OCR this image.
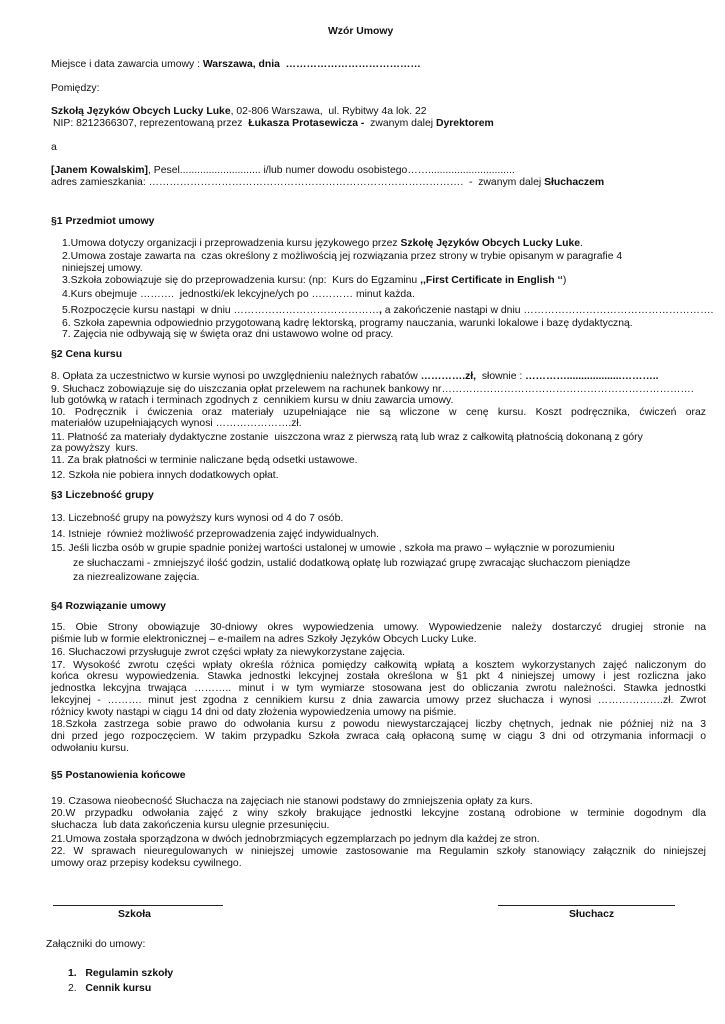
Wzór Umowy
Miejsce i data zawarcia umowy : Warszawa, dnia …………………………………
Pomiędzy:
Szkołą Języków Obcych Lucky Luke, 02-806 Warszawa,  ul. Rybitwy 4a lok. 22
NIP: 8212366307, reprezentowaną przez Łukasza Protasewicza -  zwanym dalej Dyrektorem
a
[Janem Kowalskim], Pesel............................ i/lub numer dowodu osobistego……..............................
adres zamieszkania: ……………………………………………………………………………….  -  zwanym dalej Słuchaczem
§1 Przedmiot umowy
1.Umowa dotyczy organizacji i przeprowadzenia kursu językowego przez Szkołę Języków Obcych Lucky Luke.
2.Umowa zostaje zawarta na  czas określony z możliwością jej rozwiązania przez strony w trybie opisanym w paragrafie 4
niniejszej umowy.
3.Szkoła zobowiązuje się do przeprowadzenia kursu: (np:  Kurs do Egzaminu ,,First Certificate in English ‘‘)
4.Kurs obejmuje ……….  jednostki/ek lekcyjne/ych po ………… minut każda.
5.Rozpoczęcie kursu nastąpi  w dniu ……………………………………, a zakończenie nastąpi w dniu ……………………………………………….
6. Szkoła zapewnia odpowiednio przygotowaną kadrę lektorską, programy nauczania, warunki lokalowe i bazę dydaktyczną.
7. Zajęcia nie odbywają się w święta oraz dni ustawowo wolne od pracy.
§2 Cena kursu
8. Opłata za uczestnictwo w kursie wynosi po uwzględnieniu należnych rabatów ………….zł,  słownie : …………...................………..
9. Słuchacz zobowiązuje się do uiszczania opłat przelewem na rachunek bankowy nr……………………………………………………………….
lub gotówką w ratach i terminach zgodnych z  cennikiem kursu w dniu zawarcia umowy.
10. Podręcznik i ćwiczenia oraz materiały uzupełniające nie są wliczone w cenę kursu. Koszt podręcznika, ćwiczeń oraz
materiałów uzupełniających wynosi ………………….zł.
11. Płatność za materiały dydaktyczne zostanie  uiszczona wraz z pierwszą ratą lub wraz z całkowitą płatnością dokonaną z góry
za powyższy  kurs.
11. Za brak płatności w terminie naliczane będą odsetki ustawowe.
12. Szkoła nie pobiera innych dodatkowych opłat.
§3 Liczebność grupy
13. Liczebność grupy na powyższy kurs wynosi od 4 do 7 osób.
14. Istnieje  również możliwość przeprowadzenia zajęć indywidualnych.
15. Jeśli liczba osób w grupie spadnie poniżej wartości ustalonej w umowie , szkoła ma prawo – wyłącznie w porozumieniu
ze słuchaczami - zmniejszyć ilość godzin, ustalić dodatkową opłatę lub rozwiązać grupę zwracając słuchaczom pieniądze
za niezrealizowane zajęcia.
§4 Rozwiązanie umowy
15. Obie Strony obowiązuje 30-dniowy okres wypowiedzenia umowy. Wypowiedzenie należy dostarczyć drugiej stronie na
piśmie lub w formie elektronicznej – e-mailem na adres Szkoły Języków Obcych Lucky Luke.
16. Słuchaczowi przysługuje zwrot części wpłaty za niewykorzystane zajęcia.
17. Wysokość zwrotu części wpłaty określa różnica pomiędzy całkowitą wpłatą a kosztem wykorzystanych zajęć naliczonym do
końca okresu wypowiedzenia. Stawka jednostki lekcyjnej została określona w §1 pkt 4 niniejszej umowy i jest rozliczna jako
jednostka lekcyjna trwająca ……….. minut i w tym wymiarze stosowana jest do obliczania zwrotu należności. Stawka jednostki
lekcyjnej - ………. minut jest zgodna z cennikiem kursu z dnia zawarcia umowy przez słuchacza i wynosi ……………….zł. Zwrot
różnicy kwoty nastąpi w ciągu 14 dni od daty złożenia wypowiedzenia umowy na piśmie.
18.Szkoła zastrzega sobie prawo do odwołania kursu z powodu niewystarczającej liczby chętnych, jednak nie później niż na 3
dni przed jego rozpoczęciem. W takim przypadku Szkoła zwraca całą opłaconą sumę w ciągu 3 dni od otrzymania informacji o
odwołaniu kursu.
§5 Postanowienia końcowe
19. Czasowa nieobecność Słuchacza na zajęciach nie stanowi podstawy do zmniejszenia opłaty za kurs.
20.W przypadku odwołania zajęć z winy szkoły brakujące jednostki lekcyjne zostaną odrobione w terminie dogodnym dla
słuchacza  lub data zakończenia kursu ulegnie przesunięciu.
21.Umowa została sporządzona w dwóch jednobrzmiących egzemplarzach po jednym dla każdej ze stron.
22. W sprawach nieuregulowanych w niniejszej umowie zastosowanie ma Regulamin szkoły stanowiący załącznik do niniejszej
umowy oraz przepisy kodeksu cywilnego.
Szkoła	Słuchacz
Załączniki do umowy:
1. Regulamin szkoły
2. Cennik kursu
